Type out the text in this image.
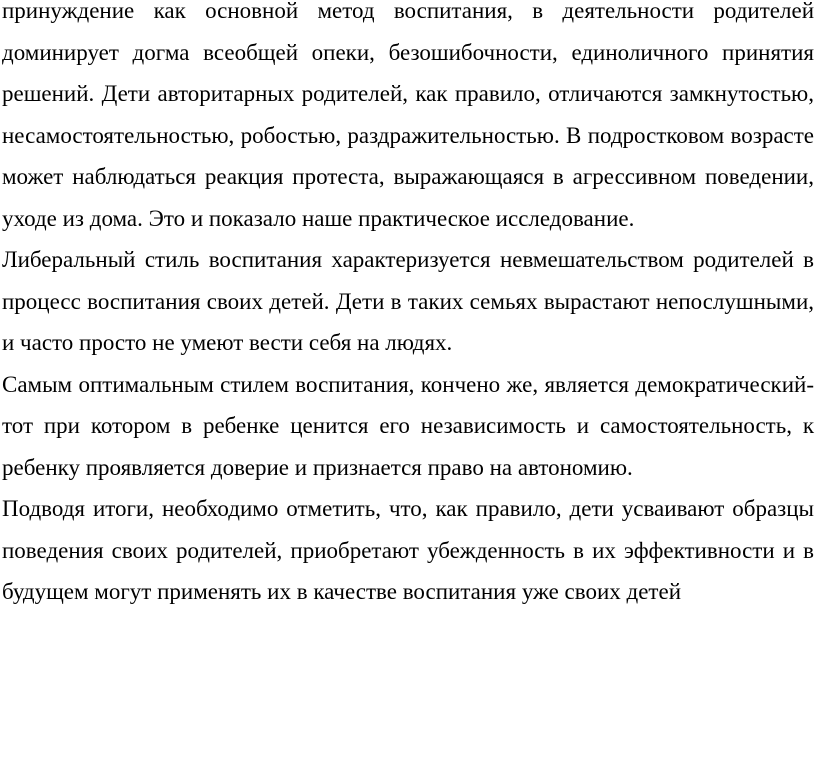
принуждение как основной метод воспитания, в деятельности родителей доминирует догма всеобщей опеки, безошибочности, единоличного принятия решений. Дети авторитарных родителей, как правило, отличаются замкнутостью, несамостоятельностью, робостью, раздражительностью. В подростковом возрасте может наблюдаться реакция протеста, выражающаяся в агрессивном поведении, уходе из дома. Это и показало наше практическое исследование.

Либеральный стиль воспитания характеризуется невмешательством родителей в процесс воспитания своих детей. Дети в таких семьях вырастают непослушными, и часто просто не умеют вести себя на людях.

Самым оптимальным стилем воспитания, кончено же, является демократический- тот при котором в ребенке ценится его независимость и самостоятельность, к ребенку проявляется доверие и признается право на автономию.

Подводя итоги, необходимо отметить, что, как правило, дети усваивают образцы поведения своих родителей, приобретают убежденность в их эффективности и в будущем могут применять их в качестве воспитания уже своих детей
